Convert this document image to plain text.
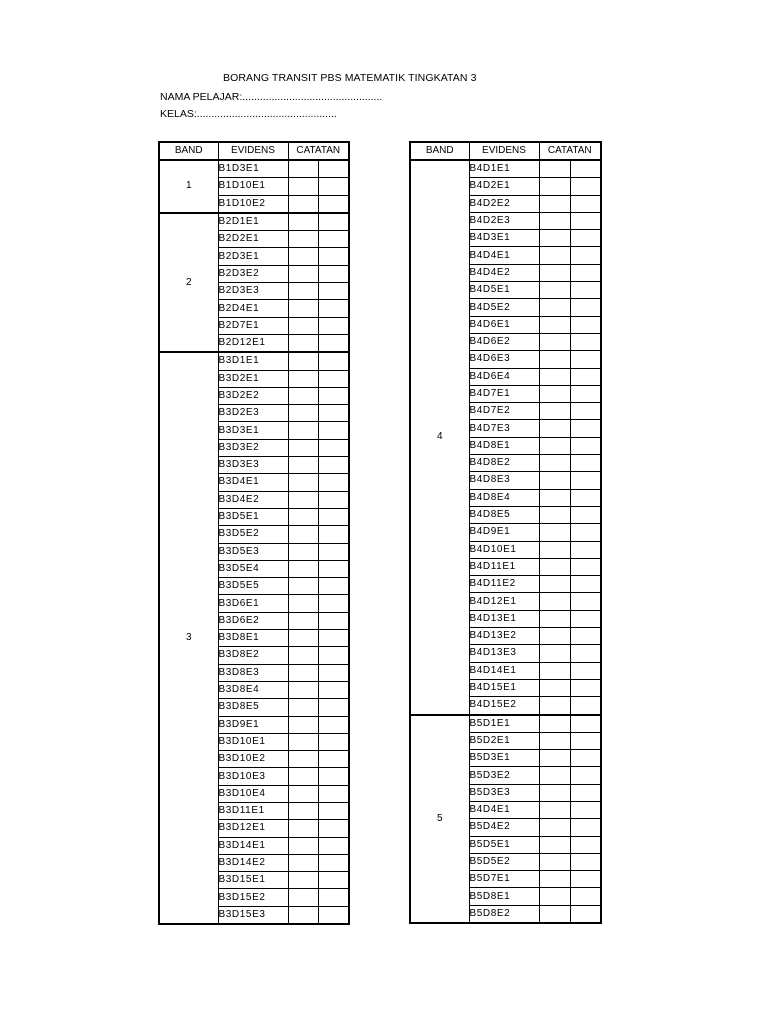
BORANG TRANSIT PBS MATEMATIK TINGKATAN 3
NAMA PELAJAR:................................................
KELAS:................................................
BAND	EVIDENS	CATATAN	
1	B1D3E1		
	B1D10E1		
	B1D10E2		
2	B2D1E1		
	B2D2E1		
	B2D3E1		
	B2D3E2		
	B2D3E3		
	B2D4E1		
	B2D7E1		
	B2D12E1		
3	B3D1E1		
	B3D2E1		
	B3D2E2		
	B3D2E3		
	B3D3E1		
	B3D3E2		
	B3D3E3		
	B3D4E1		
	B3D4E2		
	B3D5E1		
	B3D5E2		
	B3D5E3		
	B3D5E4		
	B3D5E5		
	B3D6E1		
	B3D6E2		
	B3D8E1		
	B3D8E2		
	B3D8E3		
	B3D8E4		
	B3D8E5		
	B3D9E1		
	B3D10E1		
	B3D10E2		
	B3D10E3		
	B3D10E4		
	B3D11E1		
	B3D12E1		
	B3D14E1		
	B3D14E2		
	B3D15E1		
	B3D15E2		
	B3D15E3		
BAND	EVIDENS	CATATAN	
4	B4D1E1		
	B4D2E1		
	B4D2E2		
	B4D2E3		
	B4D3E1		
	B4D4E1		
	B4D4E2		
	B4D5E1		
	B4D5E2		
	B4D6E1		
	B4D6E2		
	B4D6E3		
	B4D6E4		
	B4D7E1		
	B4D7E2		
	B4D7E3		
	B4D8E1		
	B4D8E2		
	B4D8E3		
	B4D8E4		
	B4D8E5		
	B4D9E1		
	B4D10E1		
	B4D11E1		
	B4D11E2		
	B4D12E1		
	B4D13E1		
	B4D13E2		
	B4D13E3		
	B4D14E1		
	B4D15E1		
	B4D15E2		
5	B5D1E1		
	B5D2E1		
	B5D3E1		
	B5D3E2		
	B5D3E3		
	B4D4E1		
	B5D4E2		
	B5D5E1		
	B5D5E2		
	B5D7E1		
	B5D8E1		
	B5D8E2		
